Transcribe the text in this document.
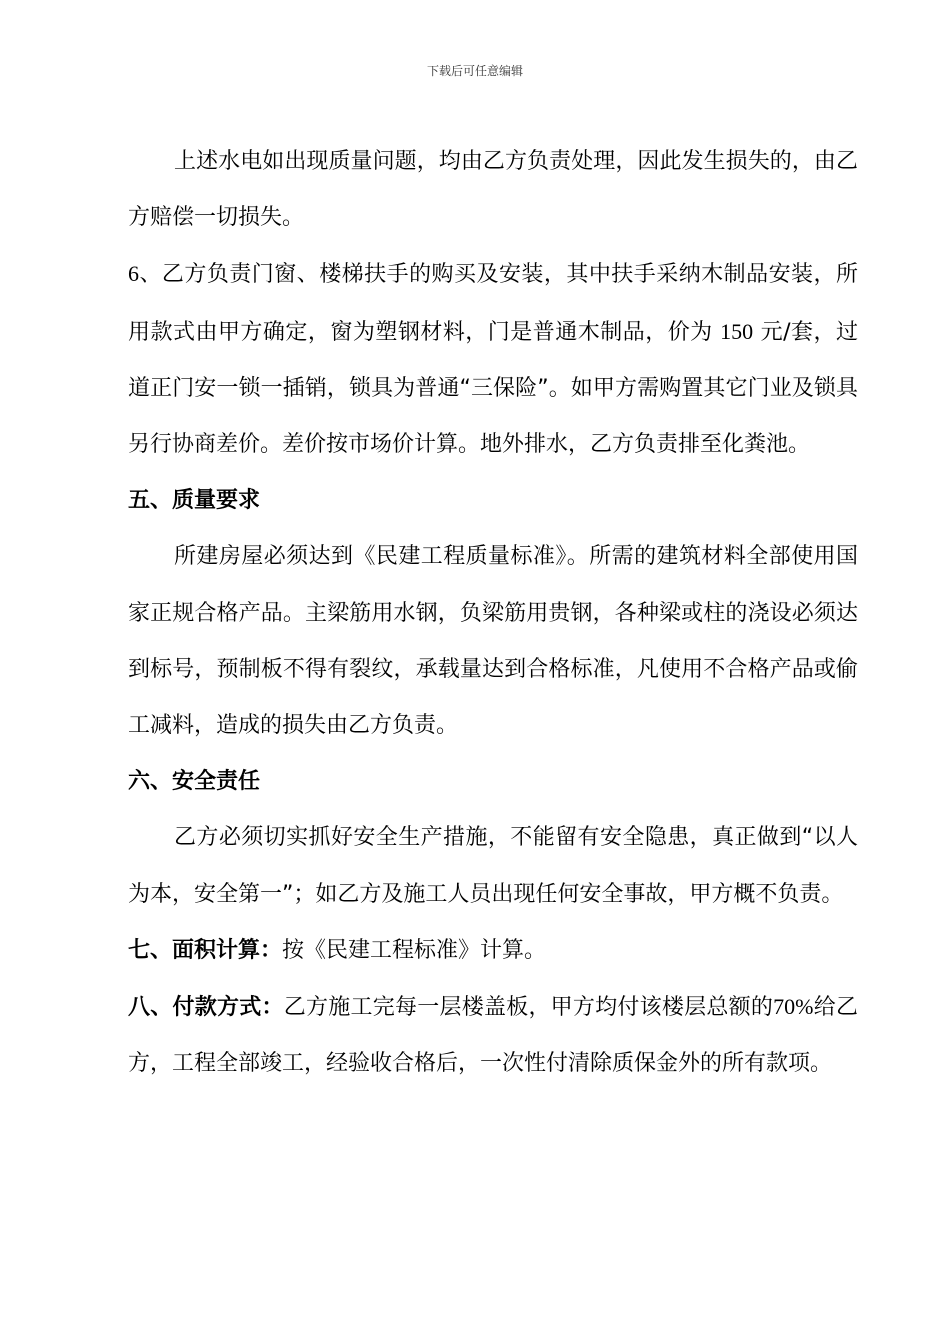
下载后可任意编辑

上述水电如出现质量问题，均由乙方负责处理，因此发生损失的，由乙方赔偿一切损失。

6、乙方负责门窗、楼梯扶手的购买及安装，其中扶手采纳木制品安装，所用款式由甲方确定，窗为塑钢材料，门是普通木制品，价为 150 元/套，过道正门安一锁一插销，锁具为普通“三保险”。如甲方需购置其它门业及锁具另行协商差价。差价按市场价计算。地外排水，乙方负责排至化粪池。

五、质量要求

所建房屋必须达到《民建工程质量标准》。所需的建筑材料全部使用国家正规合格产品。主梁筋用水钢，负梁筋用贵钢，各种梁或柱的浇设必须达到标号，预制板不得有裂纹，承载量达到合格标准，凡使用不合格产品或偷工减料，造成的损失由乙方负责。

六、安全责任

乙方必须切实抓好安全生产措施，不能留有安全隐患，真正做到“以人为本，安全第一”；如乙方及施工人员出现任何安全事故，甲方概不负责。

七、面积计算：按《民建工程标准》计算。

八、付款方式：乙方施工完每一层楼盖板，甲方均付该楼层总额的70%给乙方，工程全部竣工，经验收合格后，一次性付清除质保金外的所有款项。
